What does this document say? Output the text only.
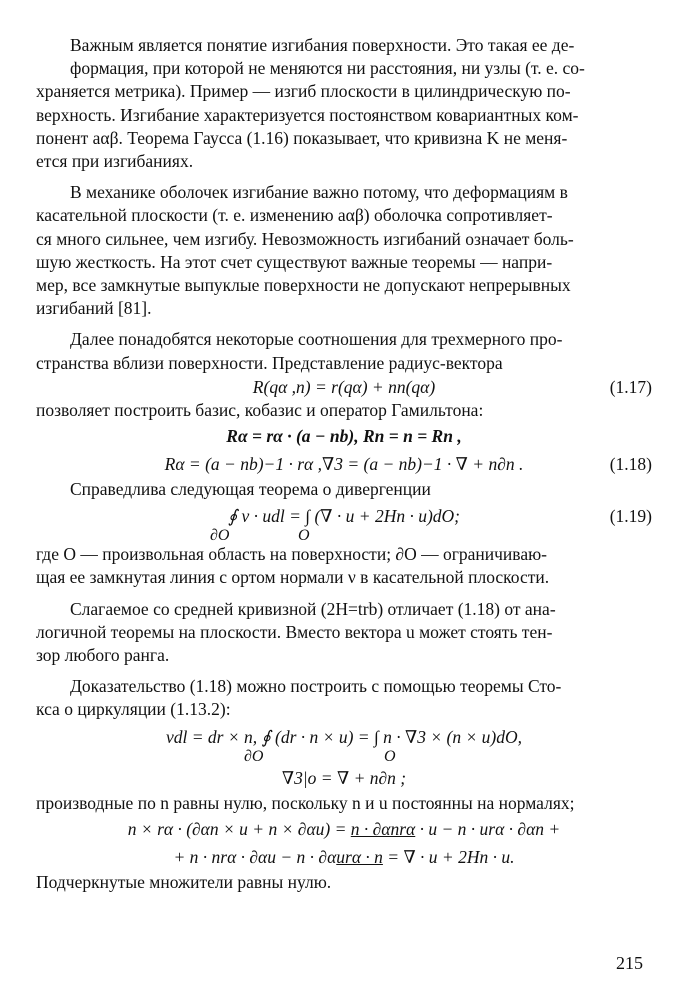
Важным является понятие изгибания поверхности. Это такая ее де-

формация, при которой не меняются ни расстояния, ни узлы (т. е. со-

храняется метрика). Пример — изгиб плоскости в цилиндрическую по-

верхность. Изгибание характеризуется постоянством ковариантных ком-

понент aαβ. Теорема Гаусса (1.16) показывает, что кривизна K не меня-

ется при изгибаниях.

В механике оболочек изгибание важно потому, что деформациям в

касательной плоскости (т. е. изменению aαβ) оболочка сопротивляет-

ся много сильнее, чем изгибу. Невозможность изгибаний означает боль-

шую жесткость. На этот счет существуют важные теоремы — напри-

мер, все замкнутые выпуклые поверхности не допускают непрерывных

изгибаний [81].

Далее понадобятся некоторые соотношения для трехмерного про-

странства вблизи поверхности. Представление радиус-вектора

R(qα ,n) = r(qα) + nn(qα)	(1.17)

позволяет построить базис, кобазис и оператор Гамильтона:

Rα = rα · (a − nb), Rn = n = Rn ,
Rα = (a − nb)−1 · rα ,∇3 = (a − nb)−1 · ∇ + n∂n .	(1.18)

Справедлива следующая теорема о дивергенции

∮ ν · udl = ∫ (∇ · u + 2Hn · u)dO;
∂O	O
(1.19)

где O — произвольная область на поверхности; ∂O — ограничиваю-

щая ее замкнутая линия с ортом нормали ν в касательной плоскости.

Слагаемое со средней кривизной (2H=trb) отличает (1.18) от ана-

логичной теоремы на плоскости. Вместо вектора u может стоять тен-

зор любого ранга.

Доказательство (1.18) можно построить с помощью теоремы Сто-

кса о циркуляции (1.13.2):

νdl = dr × n, ∮ (dr · n × u) = ∫ n · ∇3 × (n × u)dO,
∂O	O
∇3|o = ∇ + n∂n ;

производные по n равны нулю, поскольку n и u постоянны на нормалях;

n × rα · (∂αn × u + n × ∂αu) = n · ∂αnrα · u − n · urα · ∂αn +
+ n · nrα · ∂αu − n · ∂αurα · n = ∇ · u + 2Hn · u.

Подчеркнутые множители равны нулю.

215
